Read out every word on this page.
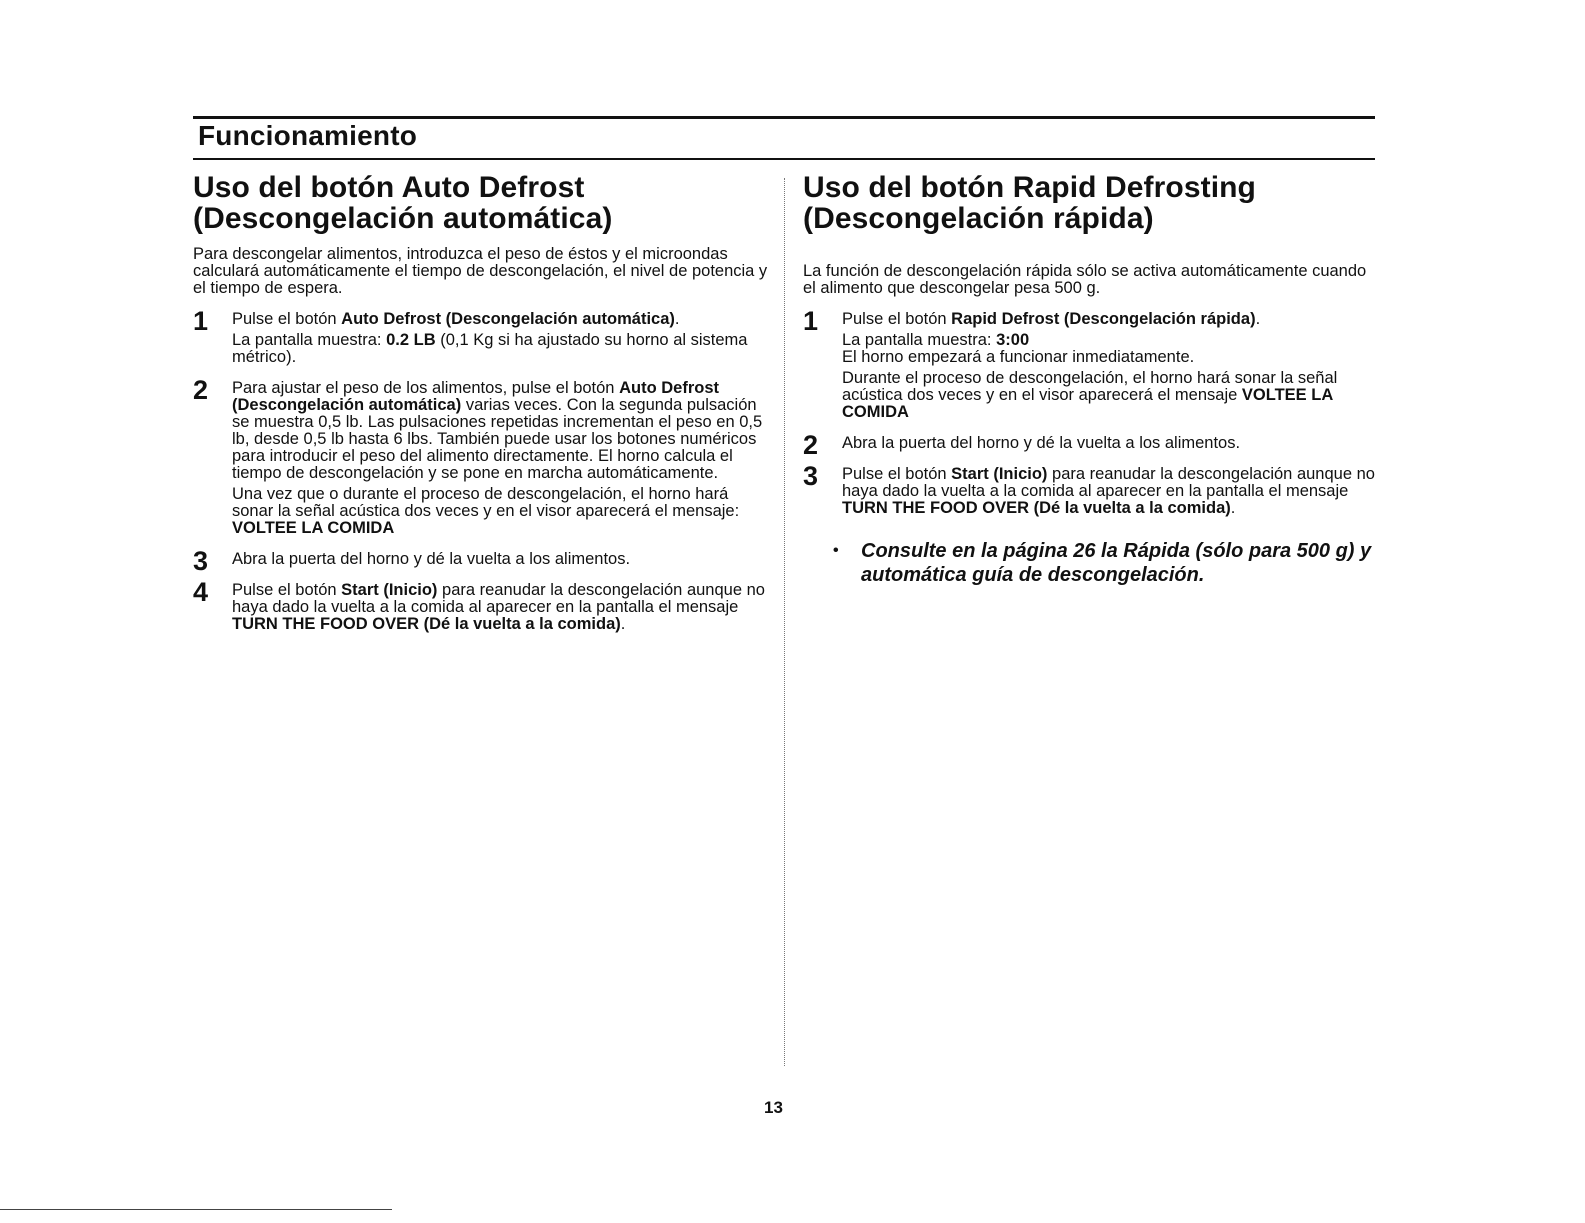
Funcionamiento
Uso del botón Auto Defrost
(Descongelación automática)

Para descongelar alimentos, introduzca el peso de éstos y el microondas calculará automáticamente el tiempo de descongelación, el nivel de potencia y el tiempo de espera.

1 Pulse el botón Auto Defrost (Descongelación automática).

La pantalla muestra: 0.2 LB (0,1 Kg si ha ajustado su horno al sistema métrico).

2 Para ajustar el peso de los alimentos, pulse el botón Auto Defrost (Descongelación automática) varias veces. Con la segunda pulsación se muestra 0,5 lb. Las pulsaciones repetidas incrementan el peso en 0,5 lb, desde 0,5 lb hasta 6 lbs. También puede usar los botones numéricos para introducir el peso del alimento directamente. El horno calcula el tiempo de descongelación y se pone en marcha automáticamente.

Una vez que o durante el proceso de descongelación, el horno hará sonar la señal acústica dos veces y en el visor aparecerá el mensaje: VOLTEE LA COMIDA

3 Abra la puerta del horno y dé la vuelta a los alimentos.

4 Pulse el botón Start (Inicio) para reanudar la descongelación aunque no haya dado la vuelta a la comida al aparecer en la pantalla el mensaje TURN THE FOOD OVER (Dé la vuelta a la comida).

Uso del botón Rapid Defrosting
(Descongelación rápida)

La función de descongelación rápida sólo se activa automáticamente cuando el alimento que descongelar pesa 500 g.

1 Pulse el botón Rapid Defrost (Descongelación rápida).

La pantalla muestra: 3:00

El horno empezará a funcionar inmediatamente.

Durante el proceso de descongelación, el horno hará sonar la señal acústica dos veces y en el visor aparecerá el mensaje VOLTEE LA COMIDA

2 Abra la puerta del horno y dé la vuelta a los alimentos.

3 Pulse el botón Start (Inicio) para reanudar la descongelación aunque no haya dado la vuelta a la comida al aparecer en la pantalla el mensaje TURN THE FOOD OVER (Dé la vuelta a la comida).

• Consulte en la página 26 la Rápida (sólo para 500 g) y automática guía de descongelación.

13
